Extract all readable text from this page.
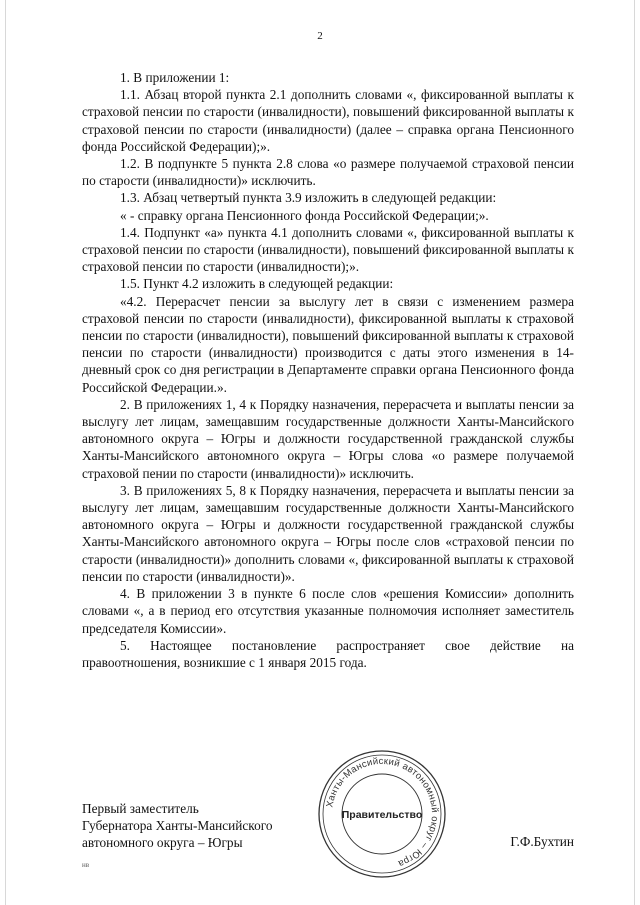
2

1. В приложении 1:

1.1. Абзац второй пункта 2.1 дополнить словами «, фиксированной выплаты к страховой пенсии по старости (инвалидности), повышений фиксированной выплаты к страховой пенсии по старости (инвалидности) (далее – справка органа Пенсионного фонда Российской Федерации);».

1.2. В подпункте 5 пункта 2.8 слова «о размере получаемой страховой пенсии по старости (инвалидности)» исключить.

1.3. Абзац четвертый пункта 3.9 изложить в следующей редакции:

« - справку органа Пенсионного фонда Российской Федерации;».

1.4. Подпункт «а» пункта 4.1 дополнить словами «, фиксированной выплаты к страховой пенсии по старости (инвалидности), повышений фиксированной выплаты к страховой пенсии по старости (инвалидности);».

1.5. Пункт 4.2 изложить в следующей редакции:

«4.2. Перерасчет пенсии за выслугу лет в связи с изменением размера страховой пенсии по старости (инвалидности), фиксированной выплаты к страховой пенсии по старости (инвалидности), повышений фиксированной выплаты к страховой пенсии по старости (инвалидности) производится с даты этого изменения в 14-дневный срок со дня регистрации в Департаменте справки органа Пенсионного фонда Российской Федерации.».

2. В приложениях 1, 4 к Порядку назначения, перерасчета и выплаты пенсии за выслугу лет лицам, замещавшим государственные должности Ханты-Мансийского автономного округа – Югры и должности государственной гражданской службы Ханты-Мансийского автономного округа – Югры слова «о размере получаемой страховой пении по старости (инвалидности)» исключить.

3. В приложениях 5, 8 к Порядку назначения, перерасчета и выплаты пенсии за выслугу лет лицам, замещавшим государственные должности Ханты-Мансийского автономного округа – Югры и должности государственной гражданской службы Ханты-Мансийского автономного округа – Югры после слов «страховой пенсии по старости (инвалидности)» дополнить словами «, фиксированной выплаты к страховой пенсии по старости (инвалидности)».

4. В приложении 3 в пункте 6 после слов «решения Комиссии» дополнить словами «, а в период его отсутствия указанные полномочия исполняет заместитель председателя Комиссии».

5. Настоящее постановление распространяет свое действие на правоотношения, возникшие с 1 января 2015 года.

Ханты-Мансийский автономный округ – Югра
Правительство
Первый заместитель
Губернатора Ханты-Мансийского
автономного округа – Югры	Г.Ф.Бухтин
нв
